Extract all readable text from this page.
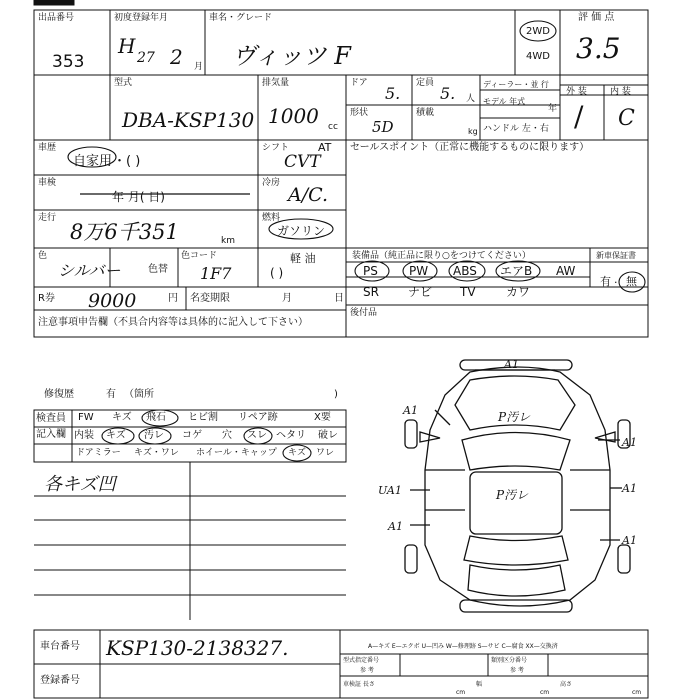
出品番号
353
初度登録年月
H 27 2 月
車名・グレード
ヴィッツ F
2WD
4WD
評 価 点
3.5
型式
DBA-KSP130
排気量
1000 cc
ドア
5.
定員
5. 人
ディーラー・並 行
モデル 年式
年
形状
5D
積載
kg ハンドル 左・右
外 装	内 装
/ C
車歴
自家用 ・( )
シフト	AT
CVT
セールスポイント（正常に機能するものに限ります）
車検
年 月( 日)
冷房
A/C.
走行
8万6千351	km
燃料
ガソリン
色
シルバー	色替
色コード
1F7
軽 油
( )
装備品（純正品に限り○をつけてください）	新車保証書
PS	PW ABS エアB AW
SR ナビ TV	カワ
有 · 無
R券 9000	円 名変期限	月	日
後付品
注意事項申告欄（不具合内容等は具体的に記入して下さい）
修復歴	有 （箇所	)
検査員
記入欄
FW キズ 飛石 ヒビ割 リペア跡	X要
内装 キズ 汚レ コゲ 穴 スレ ヘタリ 破レ
ドアミラー キズ・ワレ ホイール・キャップ キズ ワレ
各キズ凹
A1
A1
A1
UA1	A1
A1
A1
P汚レ
P汚レ
車台番号 KSP130-2138327.
登録番号
A—キズ E—エクボ U—凹み W—修理跡 S—サビ C—腐食 XX—交換済
型式指定番号
参 考
類別区分番号
参 考
車検証 長さ
cm
幅
cm
高さ
cm
